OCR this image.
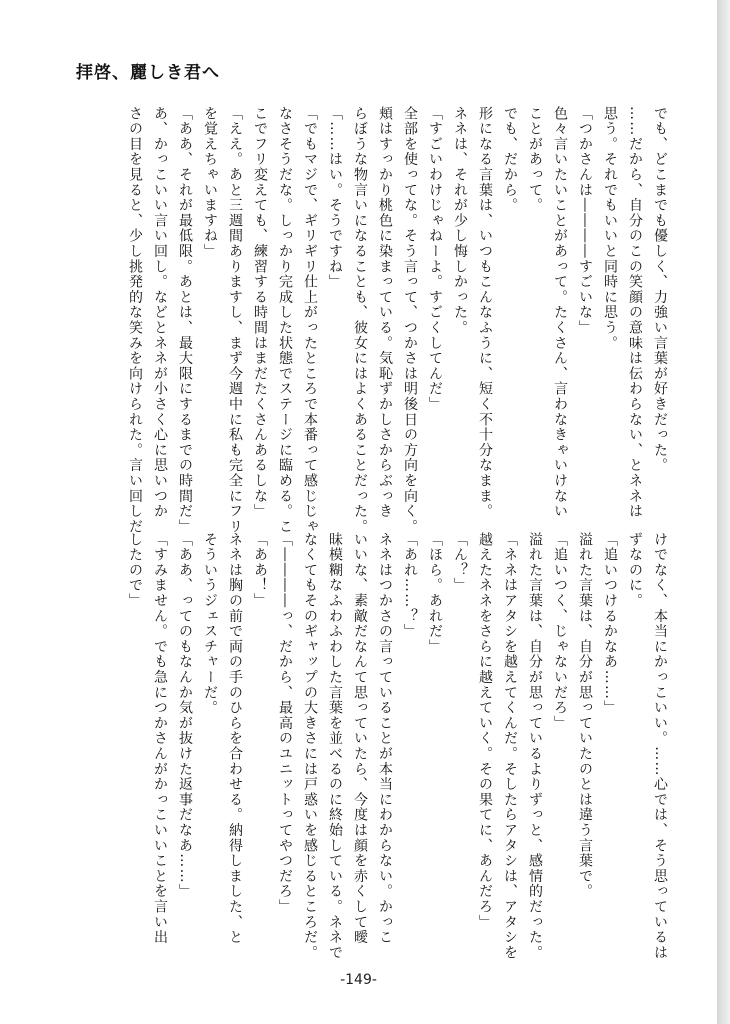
拝啓、麗しき君へ

でも、どこまでも優しく、力強い言葉が好きだった。

……だから、自分のこの笑顔の意味は伝わらない、とネネは

思う。それでもいいと同時に思う。

「つかさんは――――すごいな」

色々言いたいことがあって。たくさん、言わなきゃいけない

ことがあって。

でも、だから。

形になる言葉は、いつもこんなふうに、短く不十分なまま。

ネネは、それが少し悔しかった。

「すごいわけじゃねーよ。すごくしてんだ」

全部を使ってな。そう言って、つかさは明後日の方向を向く。

頬はすっかり桃色に染まっている。気恥ずかしさからぶっき

らぼうな物言いになることも、彼女にはよくあることだった。

「……はい。そうですね」

「でもマジで、ギリギリ仕上がったところで本番って感じじゃ

なさそうだな。しっかり完成した状態でステージに臨める。こ

こでフリ変えても、練習する時間はまだたくさんあるしな」

「ええ。あと三週間ありますし、まず今週中に私も完全にフリ

を覚えちゃいますね」

「ああ、それが最低限。あとは、最大限にするまでの時間だ」

あ、かっこいい言い回し。などとネネが小さく心に思いつか

さの目を見ると、少し挑発的な笑みを向けられた。言い回しだ

けでなく、本当にかっこいい。……心では、そう思っているは

ずなのに。

「追いつけるかなあ……」

溢れた言葉は、自分が思っていたのとは違う言葉で。

「追いつく、じゃないだろ」

溢れた言葉は、自分が思っているよりずっと、感情的だった。

「ネネはアタシを越えてくんだ。そしたらアタシは、アタシを

越えたネネをさらに越えていく。その果てに、あんだろ」

「ん？」

「ほら。あれだ」

「あれ……？」

ネネはつかさの言っていることが本当にわからない。かっこ

いいな、素敵だなんて思っていたら、今度は顔を赤くして曖

昧模糊なふわふわした言葉を並べるのに終始している。ネネで

なくてもそのギャップの大きさには戸惑いを感じるところだ。

「――――っ、だから、最高のユニットってやつだろ」

「ああ！」

ネネは胸の前で両の手のひらを合わせる。納得しました、と

そういうジェスチャーだ。

「ああ、ってのもなんか気が抜けた返事だなあ……」

「すみません。でも急につかさんがかっこいいことを言い出

したので」

-149-
